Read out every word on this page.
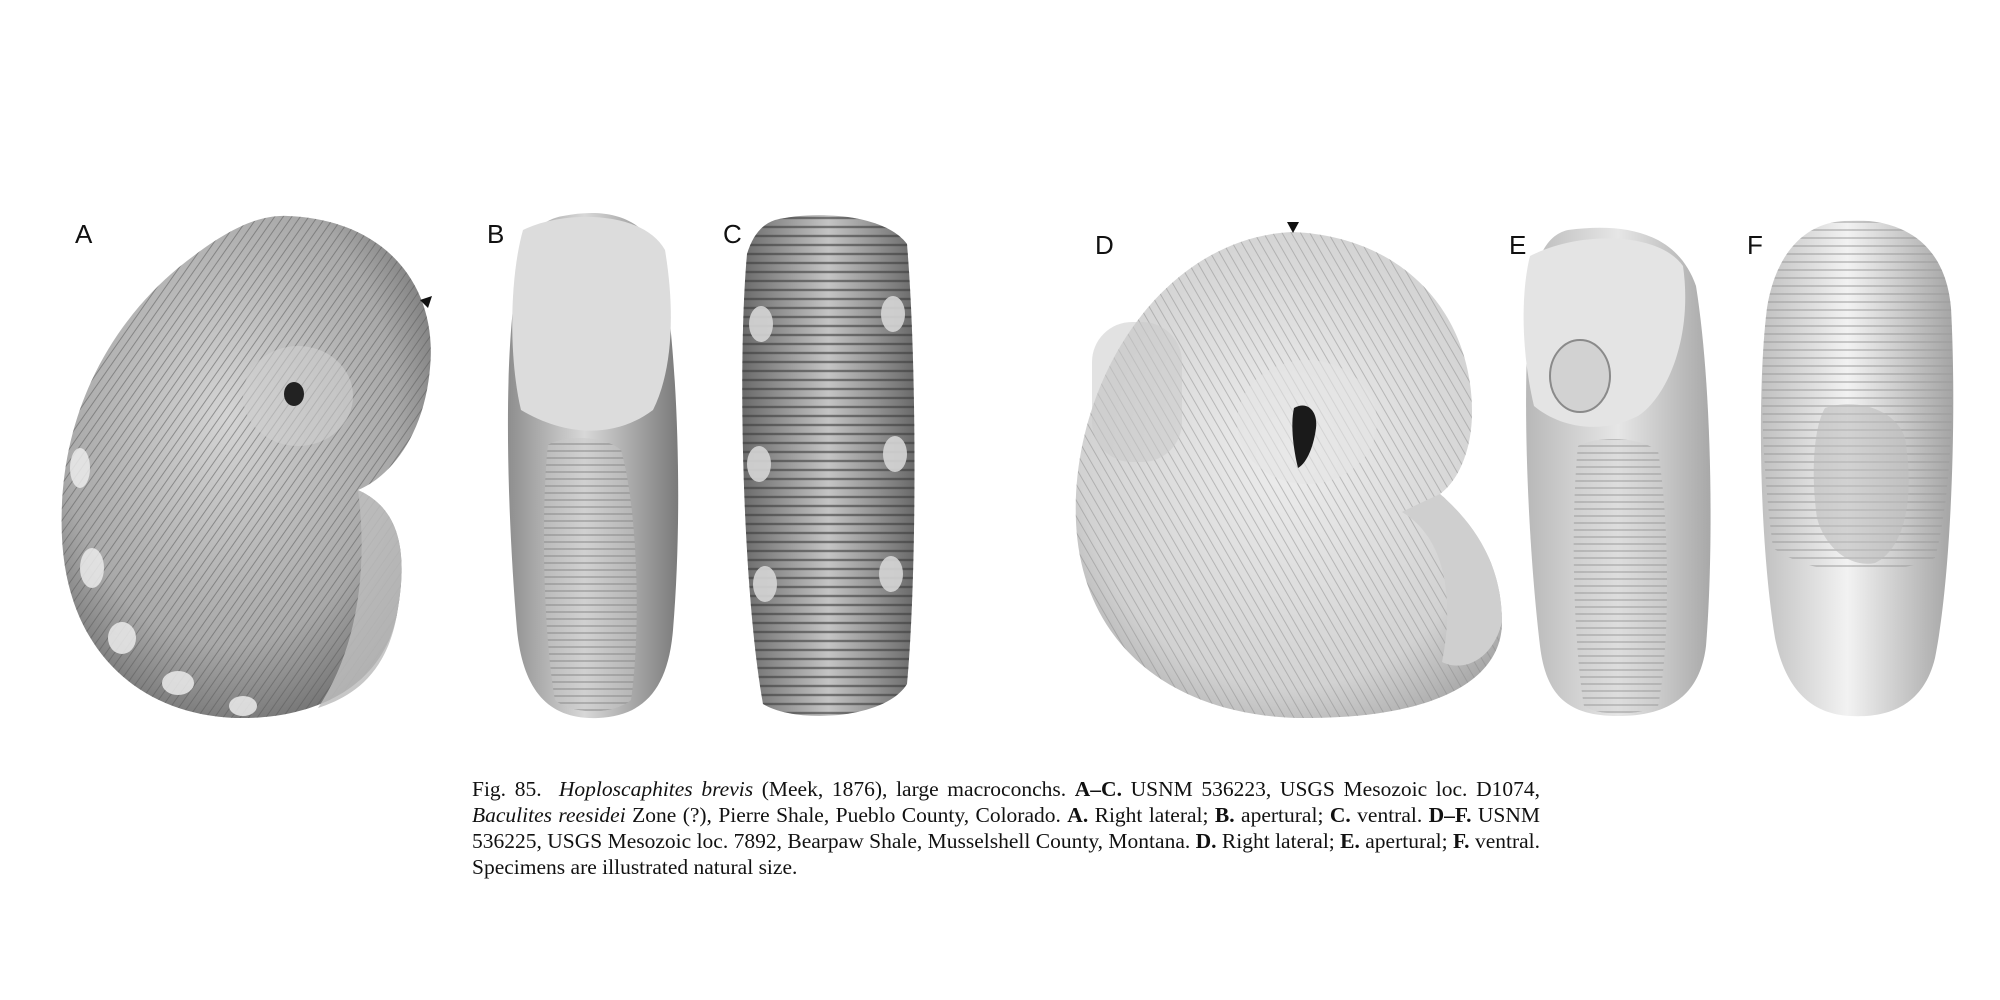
A	B	C	D	E	F
Fig. 85. Hoploscaphites brevis (Meek, 1876), large macroconchs. A–C. USNM 536223, USGS Mesozoic loc. D1074, Baculites reesidei Zone (?), Pierre Shale, Pueblo County, Colorado. A. Right lateral; B. apertural; C. ventral. D–F. USNM 536225, USGS Mesozoic loc. 7892, Bearpaw Shale, Musselshell County, Montana. D. Right lateral; E. apertural; F. ventral. Specimens are illustrated natural size.
